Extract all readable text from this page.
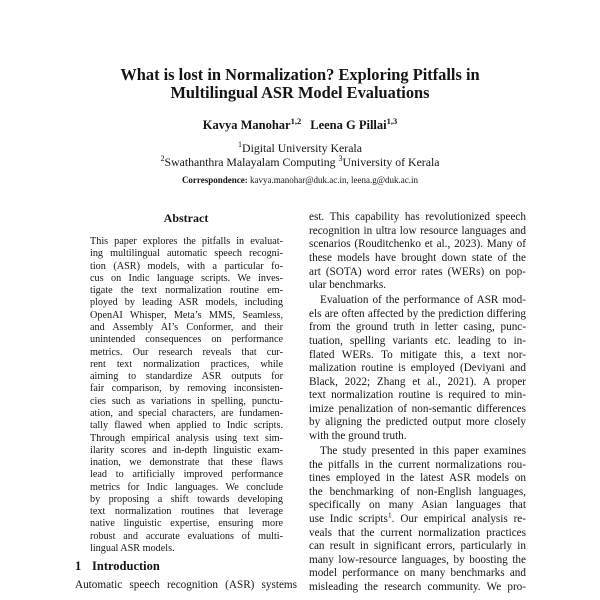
What is lost in Normalization? Exploring Pitfalls in
Multilingual ASR Model Evaluations
Kavya Manohar$^{1,2}$ Leena G Pillai$^{1,3}$
$^1$Digital University Kerala
$^2$Swathanthra Malayalam Computing $^3$University of Kerala
Correspondence: kavya.manohar@duk.ac.in, leena.g@duk.ac.in
Abstract
This paper explores the pitfalls in evaluat-
ing multilingual automatic speech recogni-
tion (ASR) models, with a particular fo-
cus on Indic language scripts. We inves-
tigate the text normalization routine em-
ployed by leading ASR models, including
OpenAI Whisper, Meta’s MMS, Seamless,
and Assembly AI’s Conformer, and their
unintended consequences on performance
metrics. Our research reveals that cur-
rent text normalization practices, while
aiming to standardize ASR outputs for
fair comparison, by removing inconsisten-
cies such as variations in spelling, punctu-
ation, and special characters, are fundamen-
tally flawed when applied to Indic scripts.
Through empirical analysis using text sim-
ilarity scores and in-depth linguistic exam-
ination, we demonstrate that these flaws
lead to artificially improved performance
metrics for Indic languages. We conclude
by proposing a shift towards developing
text normalization routines that leverage
native linguistic expertise, ensuring more
robust and accurate evaluations of multi-
lingual ASR models.
1 Introduction
Automatic speech recognition (ASR) systems
est. This capability has revolutionized speech
recognition in ultra low resource languages and
scenarios (Rouditchenko et al., 2023). Many of
these models have brought down state of the
art (SOTA) word error rates (WERs) on pop-
ular benchmarks.
Evaluation of the performance of ASR mod-
els are often affected by the prediction differing
from the ground truth in letter casing, punc-
tuation, spelling variants etc. leading to in-
flated WERs. To mitigate this, a text nor-
malization routine is employed (Deviyani and
Black, 2022; Zhang et al., 2021). A proper
text normalization routine is required to min-
imize penalization of non-semantic differences
by aligning the predicted output more closely
with the ground truth.
The study presented in this paper examines
the pitfalls in the current normalizations rou-
tines employed in the latest ASR models on
the benchmarking of non-English languages,
specifically on many Asian languages that
use Indic scripts$^1$. Our empirical analysis re-
veals that the current normalization practices
can result in significant errors, particularly in
many low-resource languages, by boosting the
model performance on many benchmarks and
misleading the research community. We pro-
